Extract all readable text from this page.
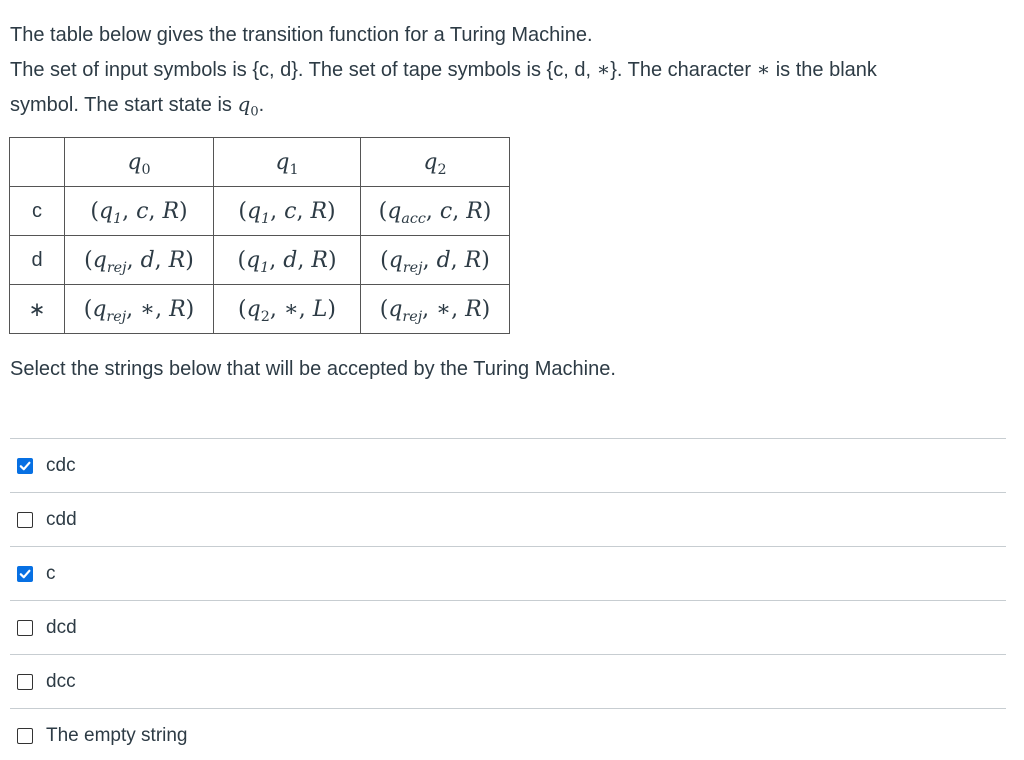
The table below gives the transition function for a Turing Machine.

The set of input symbols is {c, d}. The set of tape symbols is {c, d, ∗}. The character ∗ is the blank

symbol. The start state is $q_0$.

	$q_0$	$q_1$	$q_2$
c	($q_1$, c, R)	($q_1$, c, R)	($q_{acc}$, c, R)
d	($q_{rej}$, d, R)	($q_1$, d, R)	($q_{rej}$, d, R)
∗	($q_{rej}$, ∗, R)	($q_2$, ∗, L)	($q_{rej}$, ∗, R)

Select the strings below that will be accepted by the Turing Machine.

cdc
cdd
c
dcd
dcc
The empty string
